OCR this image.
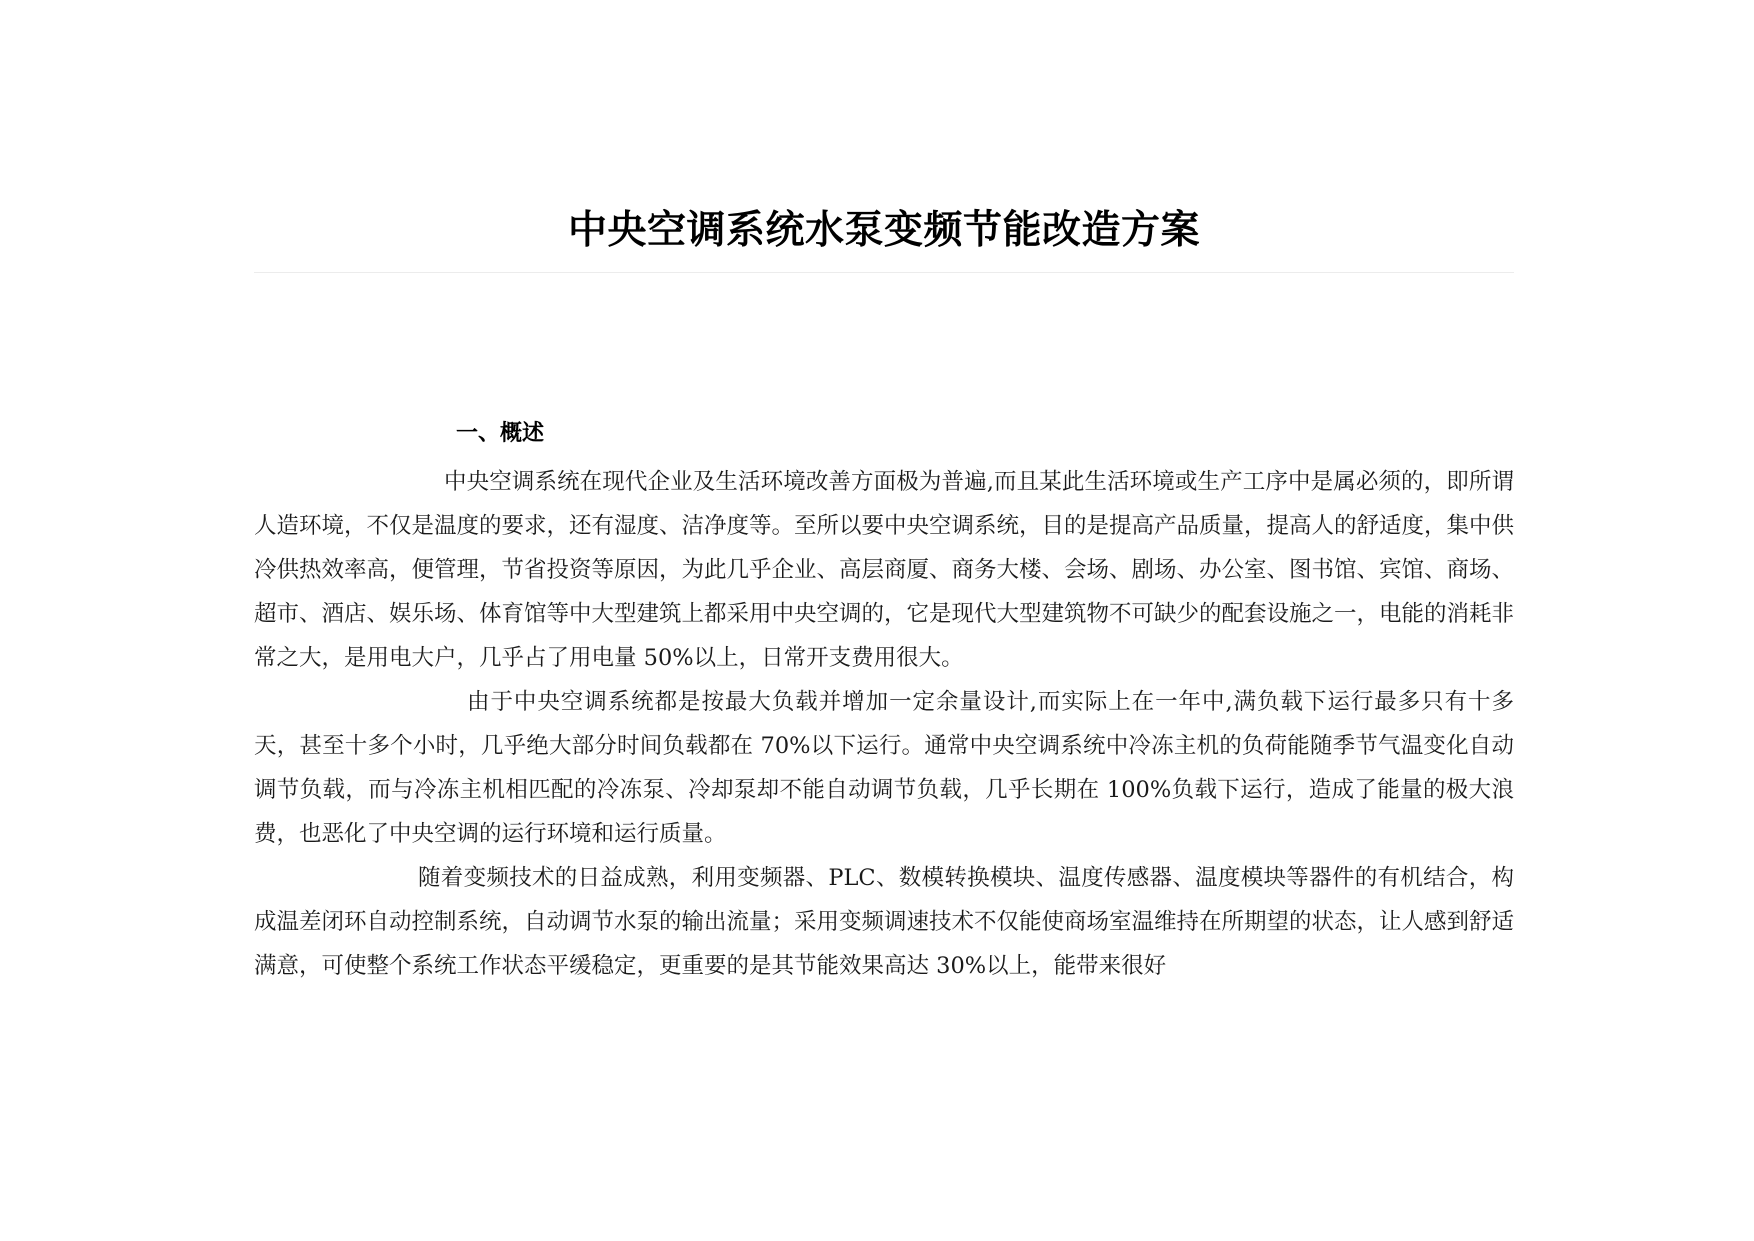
中央空调系统水泵变频节能改造方案
一、概述

中央空调系统在现代企业及生活环境改善方面极为普遍,而且某此生活环境或生产工序中是属必须的，即所谓人造环境，不仅是温度的要求，还有湿度、洁净度等。至所以要中央空调系统，目的是提高产品质量，提高人的舒适度，集中供冷供热效率高，便管理，节省投资等原因，为此几乎企业、高层商厦、商务大楼、会场、剧场、办公室、图书馆、宾馆、商场、超市、酒店、娱乐场、体育馆等中大型建筑上都采用中央空调的，它是现代大型建筑物不可缺少的配套设施之一，电能的消耗非常之大，是用电大户，几乎占了用电量 50%以上，日常开支费用很大。

由于中央空调系统都是按最大负载并增加一定余量设计,而实际上在一年中,满负载下运行最多只有十多天，甚至十多个小时，几乎绝大部分时间负载都在 70%以下运行。通常中央空调系统中冷冻主机的负荷能随季节气温变化自动调节负载，而与冷冻主机相匹配的冷冻泵、冷却泵却不能自动调节负载，几乎长期在 100%负载下运行，造成了能量的极大浪费，也恶化了中央空调的运行环境和运行质量。

随着变频技术的日益成熟，利用变频器、PLC、数模转换模块、温度传感器、温度模块等器件的有机结合，构成温差闭环自动控制系统，自动调节水泵的输出流量；采用变频调速技术不仅能使商场室温维持在所期望的状态，让人感到舒适满意，可使整个系统工作状态平缓稳定，更重要的是其节能效果高达 30%以上，能带来很好
